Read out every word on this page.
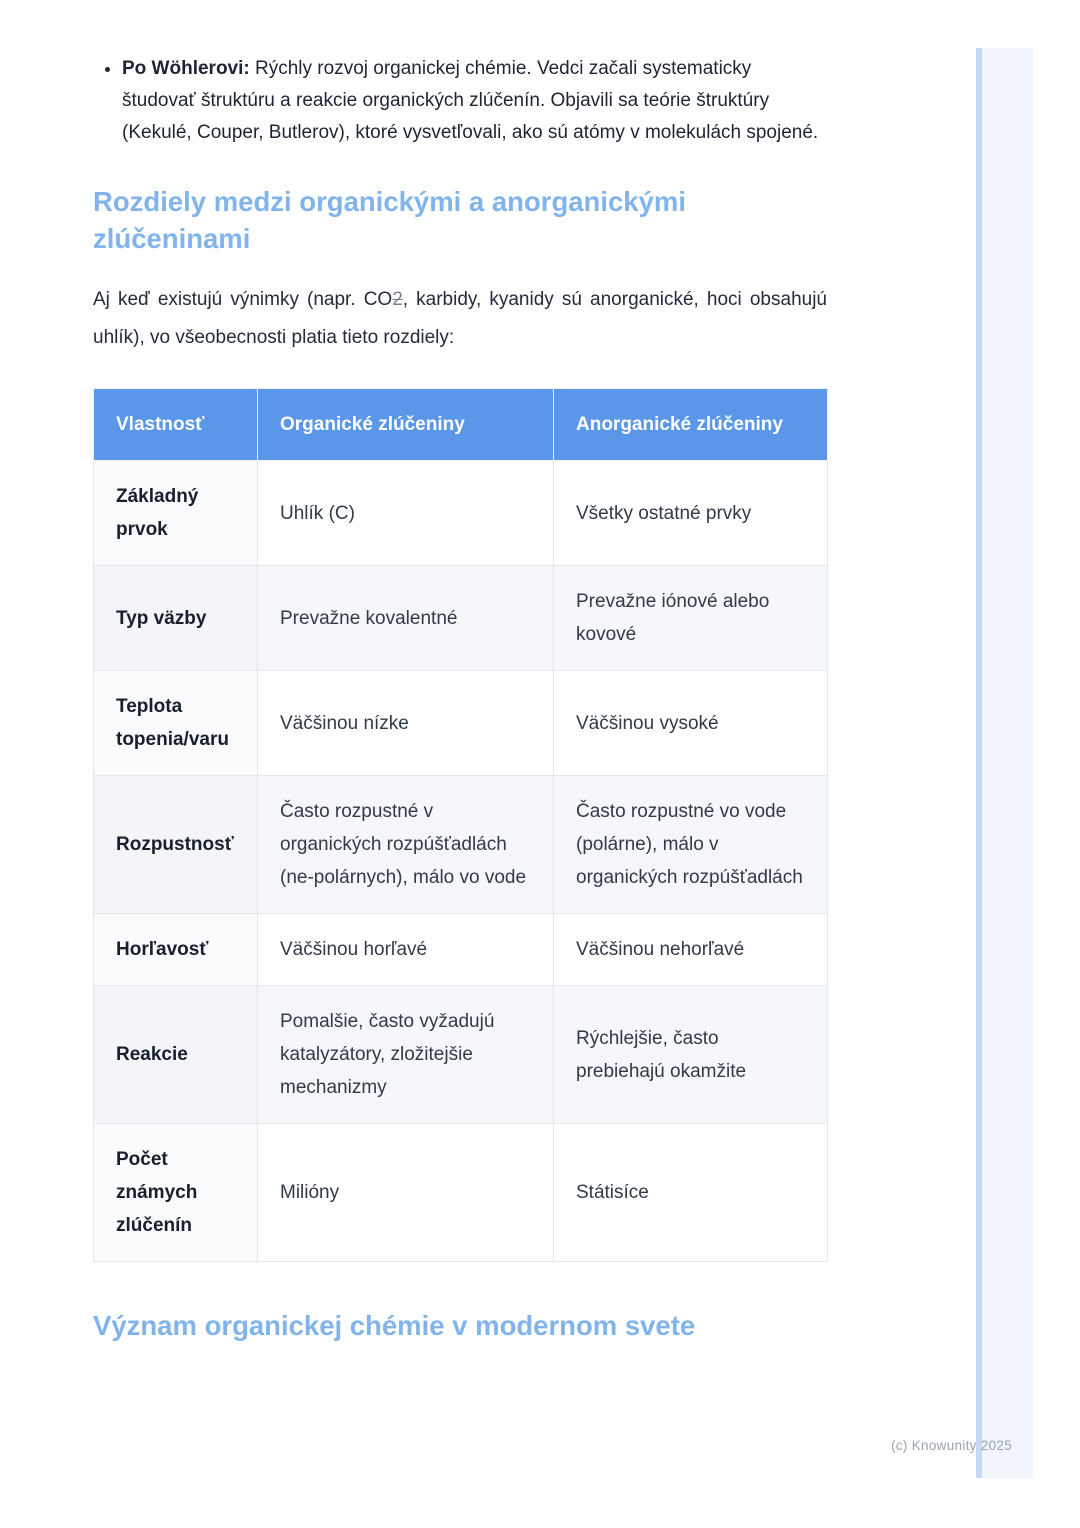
(c) Knowunity 2025
• Po Wöhlerovi: Rýchly rozvoj organickej chémie. Vedci začali systematicky študovať štruktúru a reakcie organických zlúčenín. Objavili sa teórie štruktúry (Kekulé, Couper, Butlerov), ktoré vysvetľovali, ako sú atómy v molekulách spojené.
Rozdiely medzi organickými a anorganickými zlúčeninami

Aj keď existujú výnimky (napr. CO2, karbidy, kyanidy sú anorganické, hoci obsahujú uhlík), vo všeobecnosti platia tieto rozdiely:

Vlastnosť	Organické zlúčeniny	Anorganické zlúčeniny
Základný prvok	Uhlík (C)	Všetky ostatné prvky
Typ väzby	Prevažne kovalentné	Prevažne iónové alebo kovové
Teplota topenia/varu	Väčšinou nízke	Väčšinou vysoké
Rozpustnosť	Často rozpustné v organických rozpúšťadlách (ne-polárnych), málo vo vode	Často rozpustné vo vode (polárne), málo v organických rozpúšťadlách
Horľavosť	Väčšinou horľavé	Väčšinou nehorľavé
Reakcie	Pomalšie, často vyžadujú katalyzátory, zložitejšie mechanizmy	Rýchlejšie, často prebiehajú okamžite
Počet známych zlúčenín	Milióny	Státisíce
Význam organickej chémie v modernom svete
